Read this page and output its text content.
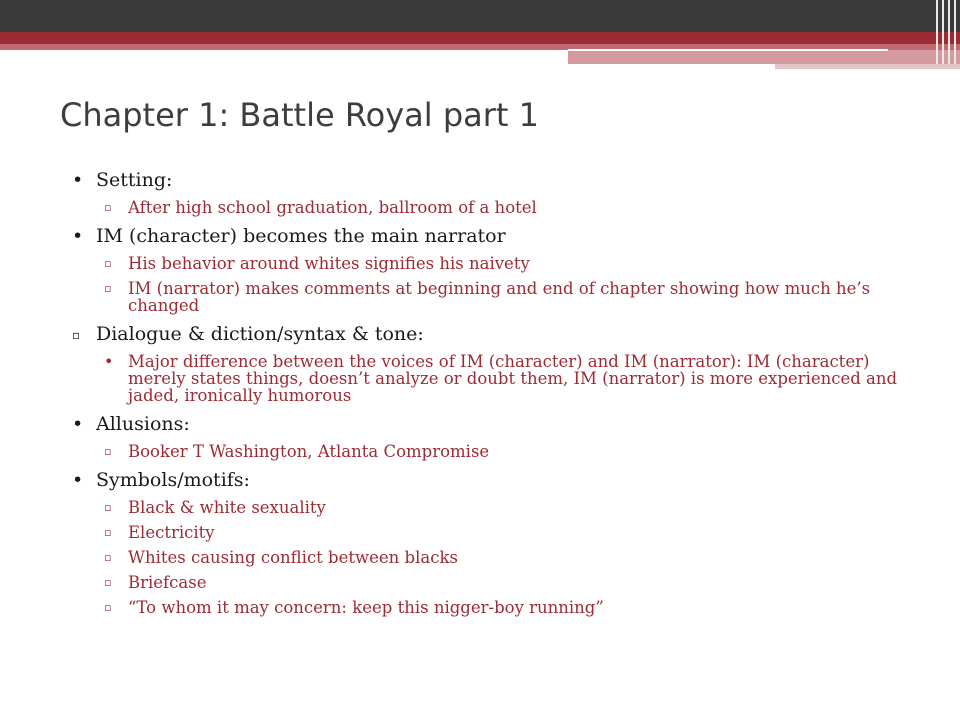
Chapter 1: Battle Royal part 1
• Setting:
▫ After high school graduation, ballroom of a hotel
• IM (character) becomes the main narrator
▫ His behavior around whites signifies his naivety
▫ IM (narrator) makes comments at beginning and end of chapter showing how much he’s changed
▫ Dialogue & diction/syntax & tone:
• Major difference between the voices of IM (character) and IM (narrator): IM (character) merely states things, doesn’t analyze or doubt them, IM (narrator) is more experienced and jaded, ironically humorous
• Allusions:
▫ Booker T Washington, Atlanta Compromise
• Symbols/motifs:
▫ Black & white sexuality
▫ Electricity
▫ Whites causing conflict between blacks
▫ Briefcase
▫ “To whom it may concern: keep this nigger-boy running”
